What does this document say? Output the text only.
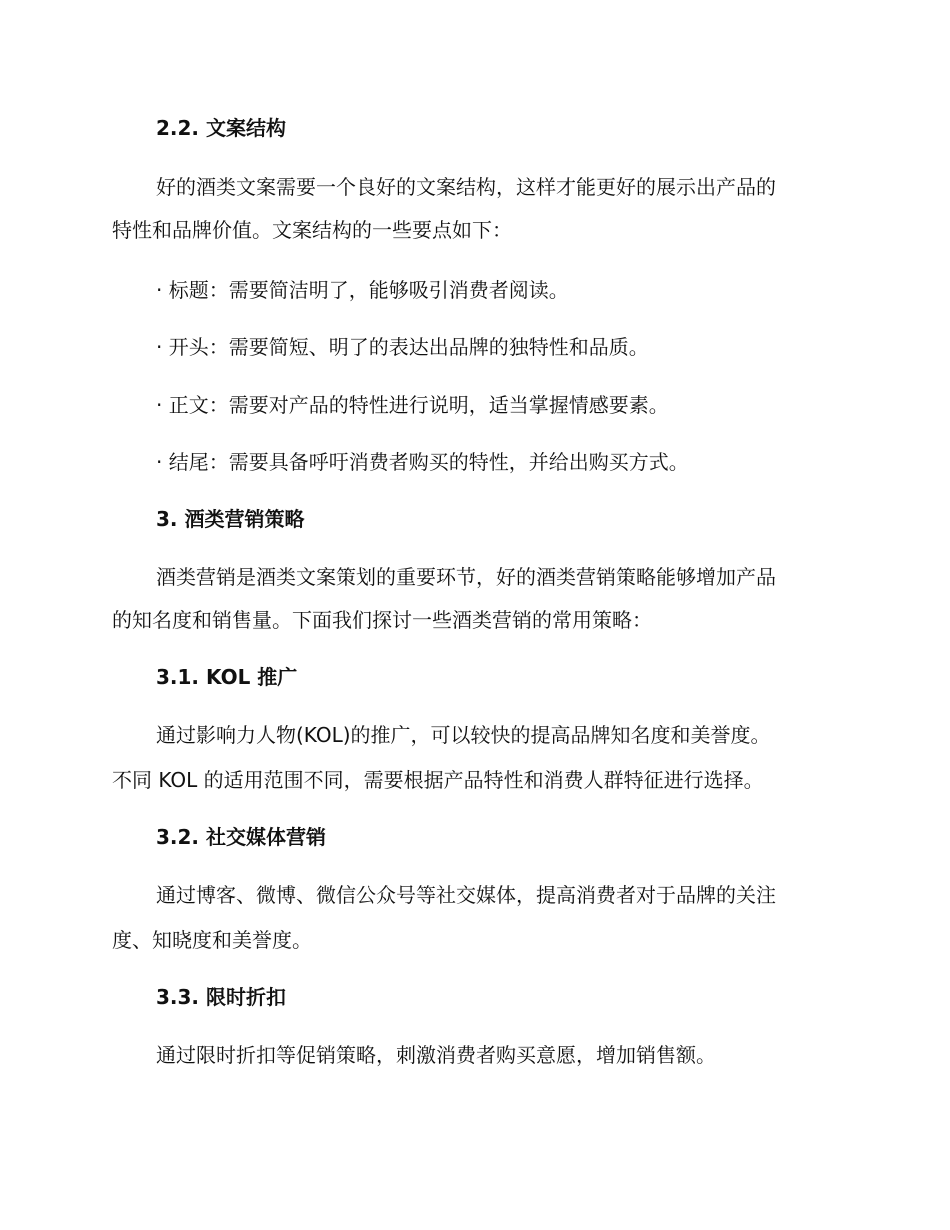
2.2. 文案结构
好的酒类文案需要一个良好的文案结构，这样才能更好的展示出产品的
特性和品牌价值。文案结构的一些要点如下：
· 标题：需要简洁明了，能够吸引消费者阅读。
· 开头：需要简短、明了的表达出品牌的独特性和品质。
· 正文：需要对产品的特性进行说明，适当掌握情感要素。
· 结尾：需要具备呼吁消费者购买的特性，并给出购买方式。
3. 酒类营销策略
酒类营销是酒类文案策划的重要环节，好的酒类营销策略能够增加产品
的知名度和销售量。下面我们探讨一些酒类营销的常用策略：
3.1. KOL 推广
通过影响力人物(KOL)的推广，可以较快的提高品牌知名度和美誉度。
不同 KOL 的适用范围不同，需要根据产品特性和消费人群特征进行选择。
3.2. 社交媒体营销
通过博客、微博、微信公众号等社交媒体，提高消费者对于品牌的关注
度、知晓度和美誉度。
3.3. 限时折扣
通过限时折扣等促销策略，刺激消费者购买意愿，增加销售额。
